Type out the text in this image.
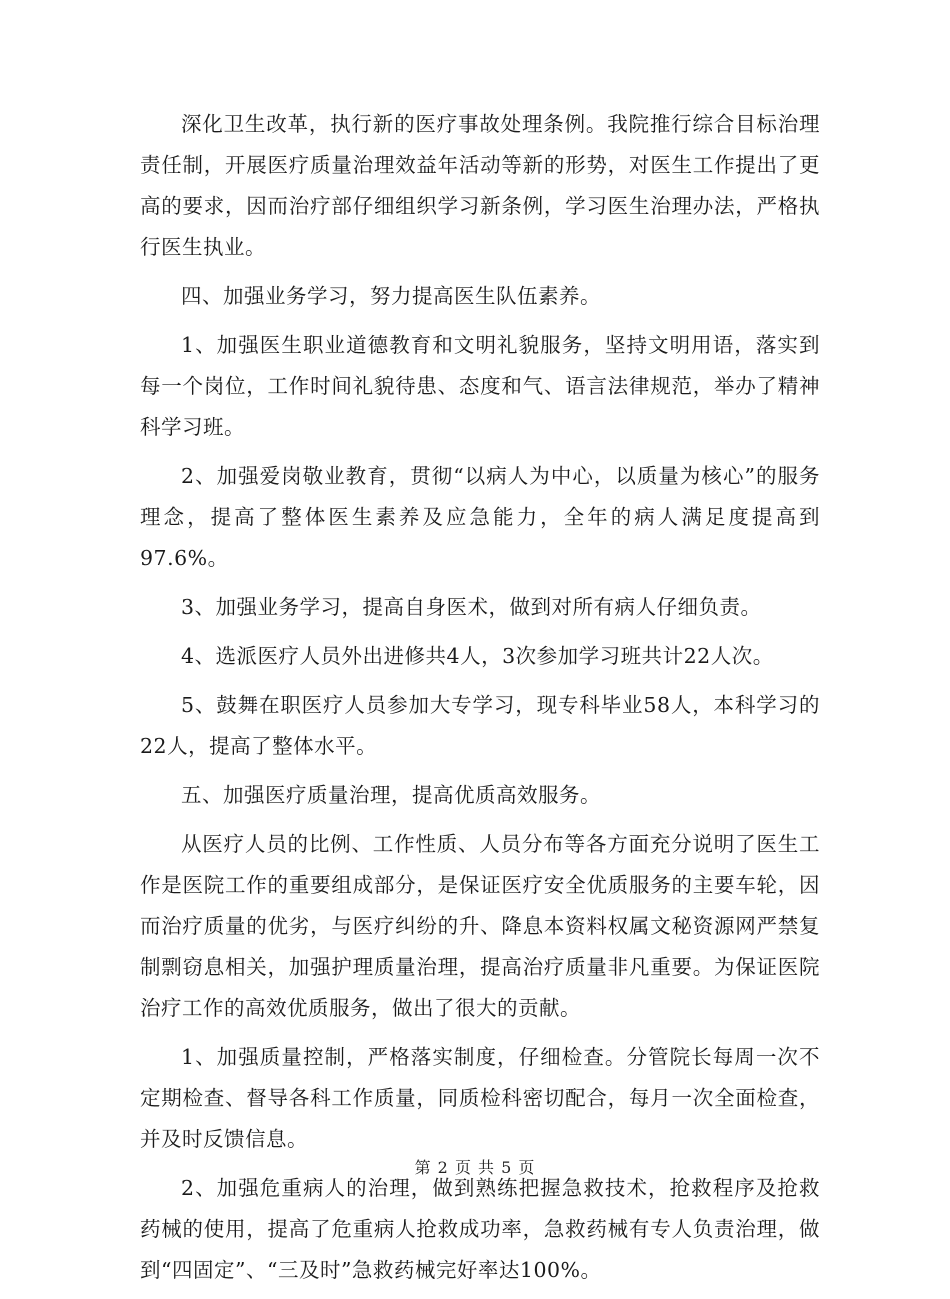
深化卫生改革，执行新的医疗事故处理条例。我院推行综合目标治理责任制，开展医疗质量治理效益年活动等新的形势，对医生工作提出了更高的要求，因而治疗部仔细组织学习新条例，学习医生治理办法，严格执行医生执业。

四、加强业务学习，努力提高医生队伍素养。

1、加强医生职业道德教育和文明礼貌服务，坚持文明用语，落实到每一个岗位，工作时间礼貌待患、态度和气、语言法律规范，举办了精神科学习班。

2、加强爱岗敬业教育，贯彻“以病人为中心，以质量为核心”的服务理念，提高了整体医生素养及应急能力，全年的病人满足度提高到97.6%。

3、加强业务学习，提高自身医术，做到对所有病人仔细负责。

4、选派医疗人员外出进修共4人，3次参加学习班共计22人次。

5、鼓舞在职医疗人员参加大专学习，现专科毕业58人，本科学习的22人，提高了整体水平。

五、加强医疗质量治理，提高优质高效服务。

从医疗人员的比例、工作性质、人员分布等各方面充分说明了医生工作是医院工作的重要组成部分，是保证医疗安全优质服务的主要车轮，因而治疗质量的优劣，与医疗纠纷的升、降息本资料权属文秘资源网严禁复制剽窃息相关，加强护理质量治理，提高治疗质量非凡重要。为保证医院治疗工作的高效优质服务，做出了很大的贡献。

1、加强质量控制，严格落实制度，仔细检查。分管院长每周一次不定期检查、督导各科工作质量，同质检科密切配合，每月一次全面检查，并及时反馈信息。

2、加强危重病人的治理，做到熟练把握急救技术，抢救程序及抢救药械的使用，提高了危重病人抢救成功率，急救药械有专人负责治理，做到“四固定”、“三及时”急救药械完好率达100%。

第 2 页 共 5 页
